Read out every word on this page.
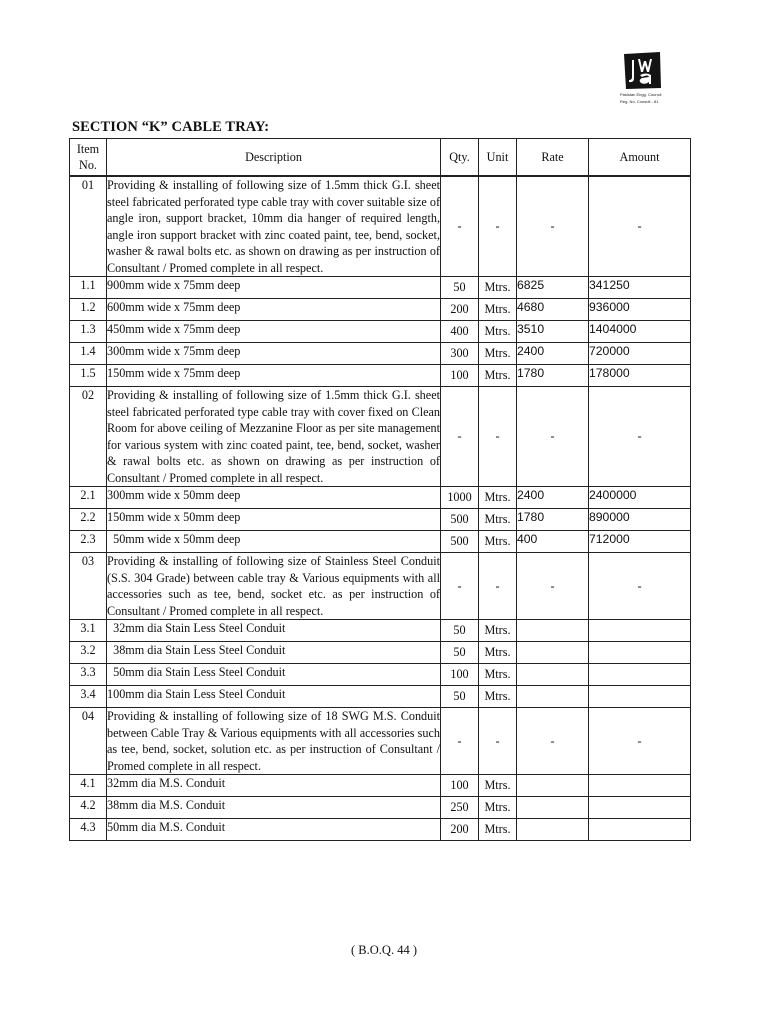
Pakistan Engg. Council
Reg. No. Consult - 81
SECTION “K” CABLE TRAY:
Item
No.	Description	Qty.	Unit	Rate	Amount
01	Providing & installing of following size of 1.5mm thick G.I. sheet steel fabricated perforated type cable tray with cover suitable size of angle iron, support bracket, 10mm dia hanger of required length, angle iron support bracket with zinc coated paint, tee, bend, socket, washer & rawal bolts etc. as shown on drawing as per instruction of Consultant / Promed complete in all respect.	-	-	-	-
1.1	900mm wide x 75mm deep	50	Mtrs.	6825	341250
1.2	600mm wide x 75mm deep	200	Mtrs.	4680	936000
1.3	450mm wide x 75mm deep	400	Mtrs.	3510	1404000
1.4	300mm wide x 75mm deep	300	Mtrs.	2400	720000
1.5	150mm wide x 75mm deep	100	Mtrs.	1780	178000
02	Providing & installing of following size of 1.5mm thick G.I. sheet steel fabricated perforated type cable tray with cover fixed on Clean Room for above ceiling of Mezzanine Floor as per site management for various system with zinc coated paint, tee, bend, socket, washer & rawal bolts etc. as shown on drawing as per instruction of Consultant / Promed complete in all respect.	-	-	-	-
2.1	300mm wide x 50mm deep	1000	Mtrs.	2400	2400000
2.2	150mm wide x 50mm deep	500	Mtrs.	1780	890000
2.3	50mm wide x 50mm deep	500	Mtrs.	400	712000
03	Providing & installing of following size of Stainless Steel Conduit (S.S. 304 Grade) between cable tray & Various equipments with all accessories such as tee, bend, socket etc. as per instruction of Consultant / Promed complete in all respect.	-	-	-	-
3.1	32mm dia Stain Less Steel Conduit	50	Mtrs.		
3.2	38mm dia Stain Less Steel Conduit	50	Mtrs.		
3.3	50mm dia Stain Less Steel Conduit	100	Mtrs.		
3.4	100mm dia Stain Less Steel Conduit	50	Mtrs.		
04	Providing & installing of following size of 18 SWG M.S. Conduit between Cable Tray & Various equipments with all accessories such as tee, bend, socket, solution etc. as per instruction of Consultant / Promed complete in all respect.	-	-	-	-
4.1	32mm dia M.S. Conduit	100	Mtrs.		
4.2	38mm dia M.S. Conduit	250	Mtrs.		
4.3	50mm dia M.S. Conduit	200	Mtrs.		
( B.O.Q. 44 )
